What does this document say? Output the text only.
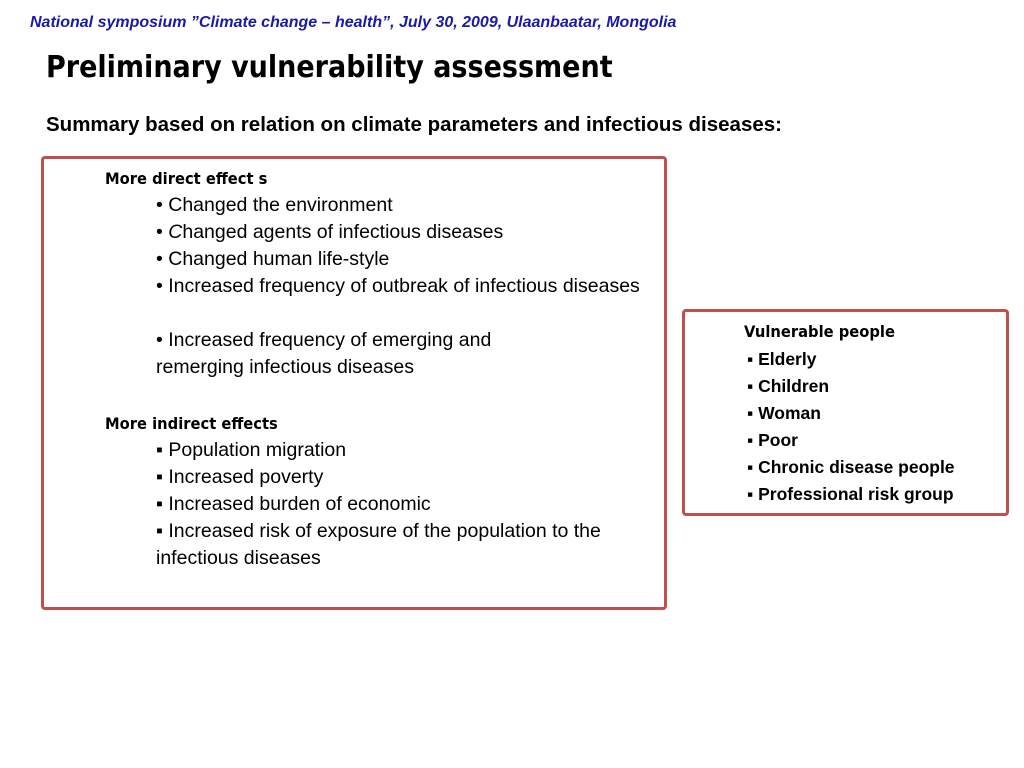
National symposium ”Climate change – health”, July 30, 2009, Ulaanbaatar, Mongolia
Preliminary vulnerability assessment

Summary based on relation on climate parameters and infectious diseases:

More direct effect s
• Changed the environment
• Changed agents of infectious diseases
• Changed human life-style
• Increased frequency of outbreak of infectious diseases
• Increased frequency of emerging and remerging infectious diseases
More indirect effects
▪ Population migration
▪ Increased poverty
▪ Increased burden of economic
▪ Increased risk of exposure of the population to the infectious diseases
Vulnerable people
▪ Elderly
▪ Children
▪ Woman
▪ Poor
▪ Chronic disease people
▪ Professional risk group
